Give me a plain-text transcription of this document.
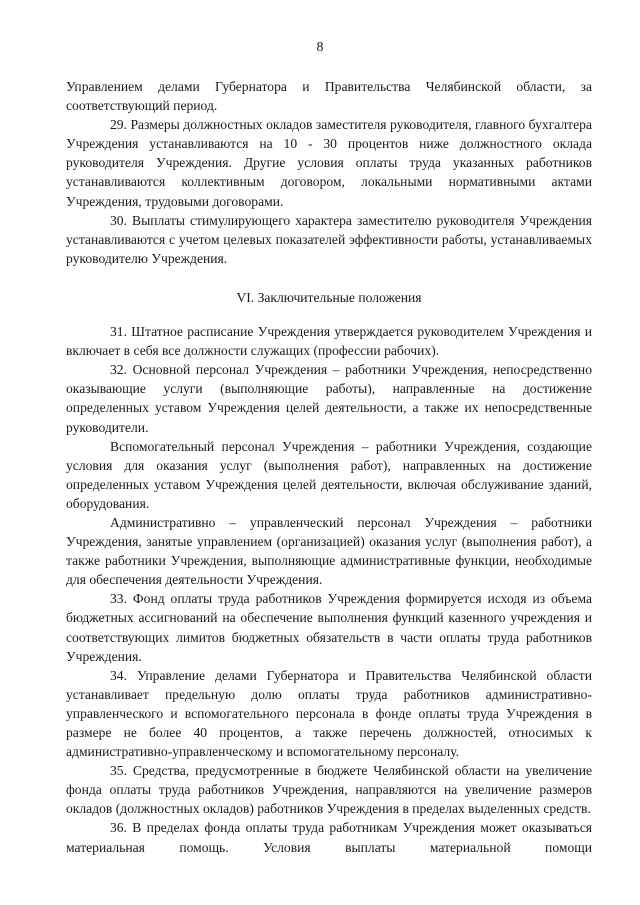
8

Управлением делами Губернатора и Правительства Челябинской области, за соответствующий период.

29. Размеры должностных окладов заместителя руководителя, главного бухгалтера Учреждения устанавливаются на 10 - 30 процентов ниже должностного оклада руководителя Учреждения. Другие условия оплаты труда указанных работников устанавливаются коллективным договором, локальными нормативными актами Учреждения, трудовыми договорами.

30. Выплаты стимулирующего характера заместителю руководителя Учреждения устанавливаются с учетом целевых показателей эффективности работы, устанавливаемых руководителю Учреждения.

VI. Заключительные положения

31. Штатное расписание Учреждения утверждается руководителем Учреждения и включает в себя все должности служащих (профессии рабочих).

32. Основной персонал Учреждения – работники Учреждения, непосредственно оказывающие услуги (выполняющие работы), направленные на достижение определенных уставом Учреждения целей деятельности, а также их непосредственные руководители.

Вспомогательный персонал Учреждения – работники Учреждения, создающие условия для оказания услуг (выполнения работ), направленных на достижение определенных уставом Учреждения целей деятельности, включая обслуживание зданий, оборудования.

Административно – управленческий персонал Учреждения – работники Учреждения, занятые управлением (организацией) оказания услуг (выполнения работ), а также работники Учреждения, выполняющие административные функции, необходимые для обеспечения деятельности Учреждения.

33. Фонд оплаты труда работников Учреждения формируется исходя из объема бюджетных ассигнований на обеспечение выполнения функций казенного учреждения и соответствующих лимитов бюджетных обязательств в части оплаты труда работников Учреждения.

34. Управление делами Губернатора и Правительства Челябинской области устанавливает предельную долю оплаты труда работников административно-управленческого и вспомогательного персонала в фонде оплаты труда Учреждения в размере не более 40 процентов, а также перечень должностей, относимых к административно-управленческому и вспомогательному персоналу.

35. Средства, предусмотренные в бюджете Челябинской области на увеличение фонда оплаты труда работников Учреждения, направляются на увеличение размеров окладов (должностных окладов) работников Учреждения в пределах выделенных средств.

36. В пределах фонда оплаты труда работникам Учреждения может оказываться материальная помощь. Условия выплаты материальной помощи
